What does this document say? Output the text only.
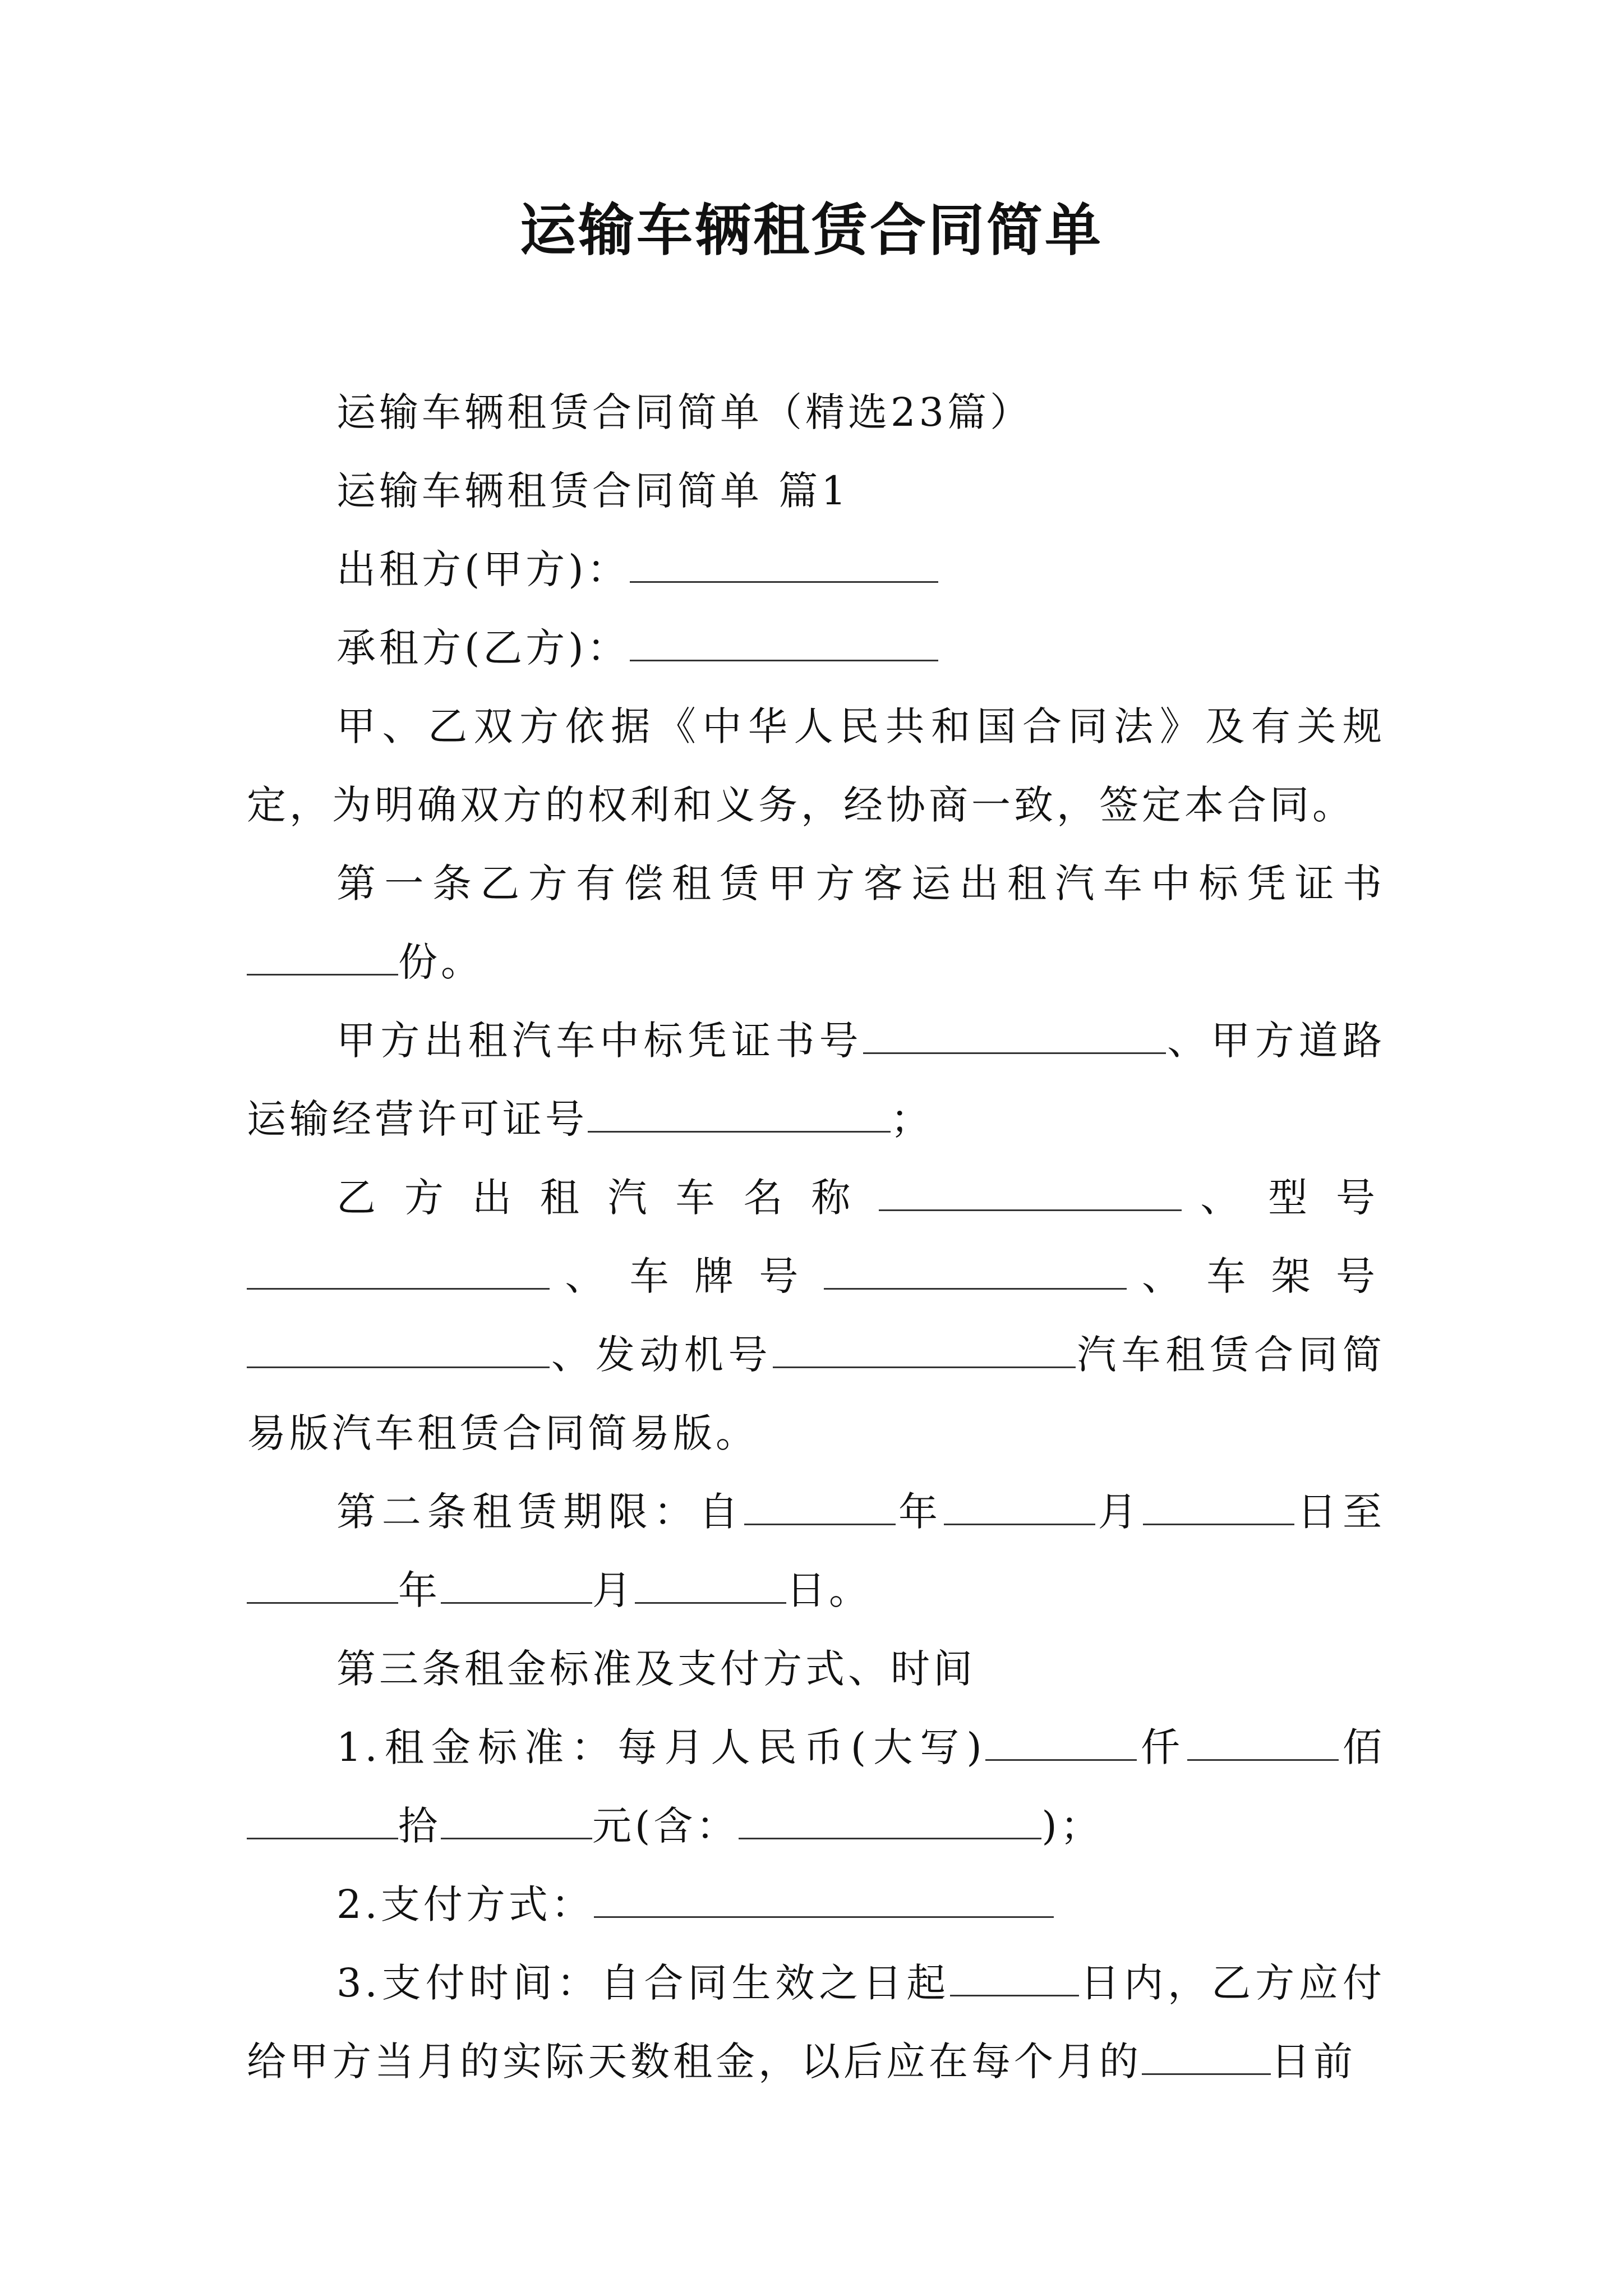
运输车辆租赁合同简单

运输车辆租赁合同简单（精选23篇）

运输车辆租赁合同简单 篇1

出租方(甲方)：

承租方(乙方)：

甲、乙双方依据《中华人民共和国合同法》及有关规定，为明确双方的权利和义务，经协商一致，签定本合同。

第一条乙方有偿租赁甲方客运出租汽车中标凭证书份。

甲方出租汽车中标凭证书号	、甲方道路运输经营许可证号	；

乙方出租汽车名称	、型号、车牌号	、车架号、发动机号	汽车租赁合同简易版汽车租赁合同简易版。

第二条租赁期限：自	年	月	日至年	月	日。

第三条租金标准及支付方式、时间

1.租金标准：每月人民币(大写)	仟	佰拾	元(含：	)；

2.支付方式：

3.支付时间：自合同生效之日起	日内，乙方应付给甲方当月的实际天数租金，以后应在每个月的	日前
